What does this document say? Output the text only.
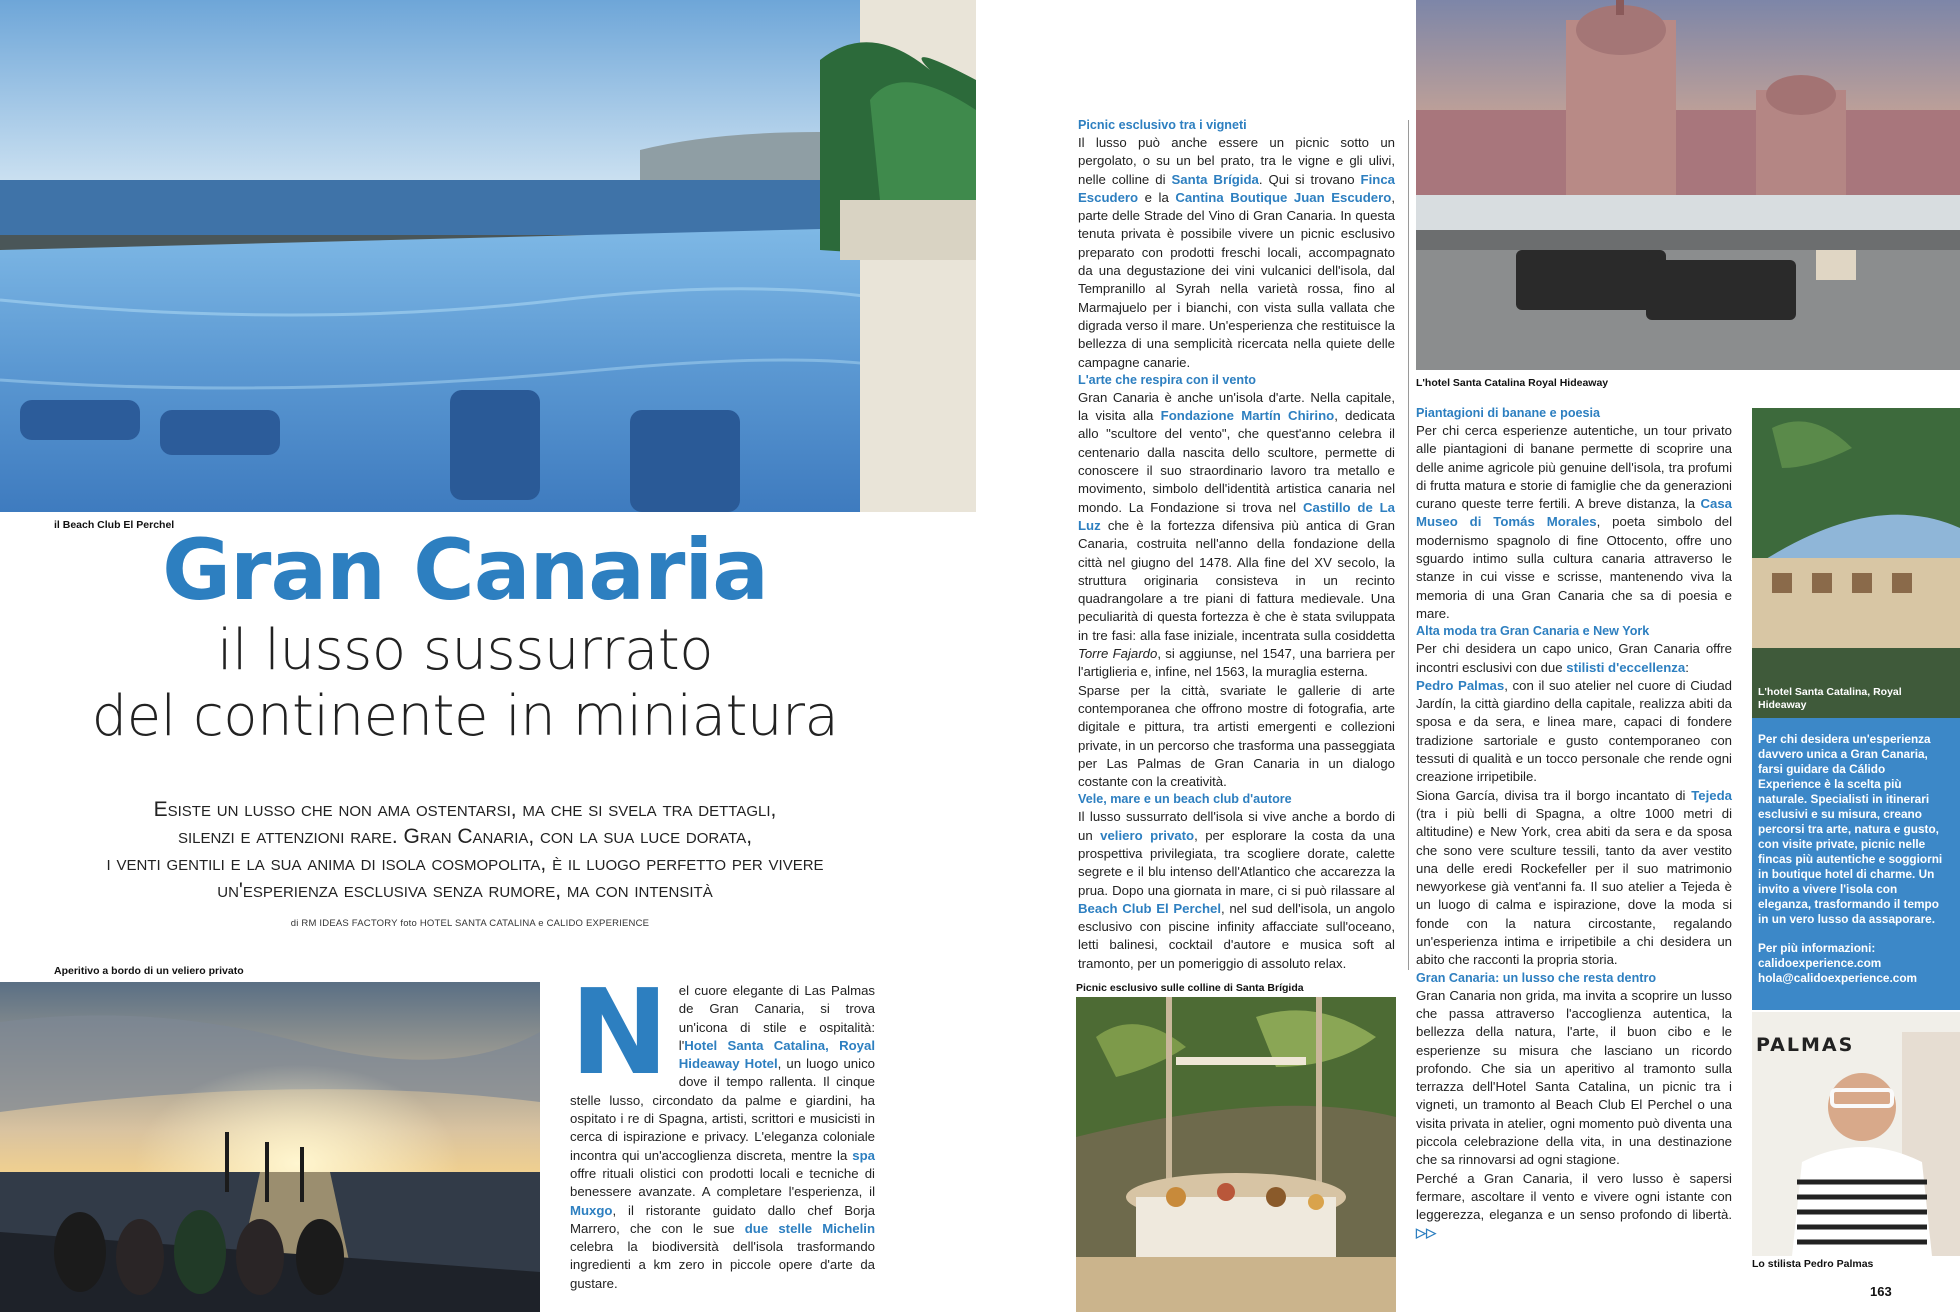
il Beach Club El Perchel
Gran Canaria
il lusso sussurrato
del continente in miniatura
Esiste un lusso che non ama ostentarsi, ma che si svela tra dettagli,
silenzi e attenzioni rare. Gran Canaria, con la sua luce dorata,
i venti gentili e la sua anima di isola cosmopolita, è il luogo perfetto per vivere
un'esperienza esclusiva senza rumore, ma con intensità
di RM IDEAS FACTORY foto HOTEL SANTA CATALINA e CALIDO EXPERIENCE
Aperitivo a bordo di un veliero privato	N el cuore elegante di Las Palmas de Gran Canaria, si trova un'icona di stile e ospitalità: l'Hotel Santa Catalina, Royal Hideaway Hotel, un luogo unico dove il tempo rallenta. Il cinque stelle lusso, circondato da palme e giardini, ha ospitato i re di Spagna, artisti, scrittori e musicisti in cerca di ispirazione e privacy. L'eleganza coloniale incontra qui un'accoglienza discreta, mentre la spa offre rituali olistici con prodotti locali e tecniche di benessere avanzate. A completare l'esperienza, il Muxgo, il ristorante guidato dallo chef Borja Marrero, che con le sue due stelle Michelin celebra la biodiversità dell'isola trasformando ingredienti a km zero in piccole opere d'arte da gustare.

Picnic esclusivo tra i vigneti

Il lusso può anche essere un picnic sotto un pergolato, o su un bel prato, tra le vigne e gli ulivi, nelle colline di Santa Brígida. Qui si trovano Finca Escudero e la Cantina Boutique Juan Escudero, parte delle Strade del Vino di Gran Canaria. In questa tenuta privata è possibile vivere un picnic esclusivo preparato con prodotti freschi locali, accompagnato da una degustazione dei vini vulcanici dell'isola, dal Tempranillo al Syrah nella varietà rossa, fino al Marmajuelo per i bianchi, con vista sulla vallata che digrada verso il mare. Un'esperienza che restituisce la bellezza di una semplicità ricercata nella quiete delle campagne canarie.

L'arte che respira con il vento

Gran Canaria è anche un'isola d'arte. Nella capitale, la visita alla Fondazione Martín Chirino, dedicata allo "scultore del vento", che quest'anno celebra il centenario dalla nascita dello scultore, permette di conoscere il suo straordinario lavoro tra metallo e movimento, simbolo dell'identità artistica canaria nel mondo. La Fondazione si trova nel Castillo de La Luz che è la fortezza difensiva più antica di Gran Canaria, costruita nell'anno della fondazione della città nel giugno del 1478. Alla fine del XV secolo, la struttura originaria consisteva in un recinto quadrangolare a tre piani di fattura medievale. Una peculiarità di questa fortezza è che è stata sviluppata in tre fasi: alla fase iniziale, incentrata sulla cosiddetta Torre Fajardo, si aggiunse, nel 1547, una barriera per l'artiglieria e, infine, nel 1563, la muraglia esterna.

Sparse per la città, svariate le gallerie di arte contemporanea che offrono mostre di fotografia, arte digitale e pittura, tra artisti emergenti e collezioni private, in un percorso che trasforma una passeggiata per Las Palmas de Gran Canaria in un dialogo costante con la creatività.

Vele, mare e un beach club d'autore

Il lusso sussurrato dell'isola si vive anche a bordo di un veliero privato, per esplorare la costa da una prospettiva privilegiata, tra scogliere dorate, calette segrete e il blu intenso dell'Atlantico che accarezza la prua. Dopo una giornata in mare, ci si può rilassare al Beach Club El Perchel, nel sud dell'isola, un angolo esclusivo con piscine infinity affacciate sull'oceano, letti balinesi, cocktail d'autore e musica soft al tramonto, per un pomeriggio di assoluto relax.

Picnic esclusivo sulle colline di Santa Brígida
L'hotel Santa Catalina Royal Hideaway
Piantagioni di banane e poesia

Per chi cerca esperienze autentiche, un tour privato alle piantagioni di banane permette di scoprire una delle anime agricole più genuine dell'isola, tra profumi di frutta matura e storie di famiglie che da generazioni curano queste terre fertili. A breve distanza, la Casa Museo di Tomás Morales, poeta simbolo del modernismo spagnolo di fine Ottocento, offre uno sguardo intimo sulla cultura canaria attraverso le stanze in cui visse e scrisse, mantenendo viva la memoria di una Gran Canaria che sa di poesia e mare.

Alta moda tra Gran Canaria e New York

Per chi desidera un capo unico, Gran Canaria offre incontri esclusivi con due stilisti d'eccellenza:

Pedro Palmas, con il suo atelier nel cuore di Ciudad Jardín, la città giardino della capitale, realizza abiti da sposa e da sera, e linea mare, capaci di fondere tradizione sartoriale e gusto contemporaneo con tessuti di qualità e un tocco personale che rende ogni creazione irripetibile.

Siona García, divisa tra il borgo incantato di Tejeda (tra i più belli di Spagna, a oltre 1000 metri di altitudine) e New York, crea abiti da sera e da sposa che sono vere sculture tessili, tanto da aver vestito una delle eredi Rockefeller per il suo matrimonio newyorkese già vent'anni fa. Il suo atelier a Tejeda è un luogo di calma e ispirazione, dove la moda si fonde con la natura circostante, regalando un'esperienza intima e irripetibile a chi desidera un abito che racconti la propria storia.

Gran Canaria: un lusso che resta dentro

Gran Canaria non grida, ma invita a scoprire un lusso che passa attraverso l'accoglienza autentica, la bellezza della natura, l'arte, il buon cibo e le esperienze su misura che lasciano un ricordo profondo. Che sia un aperitivo al tramonto sulla terrazza dell'Hotel Santa Catalina, un picnic tra i vigneti, un tramonto al Beach Club El Perchel o una visita privata in atelier, ogni momento può diventa una piccola celebrazione della vita, in una destinazione che sa rinnovarsi ad ogni stagione.

Perché a Gran Canaria, il vero lusso è sapersi fermare, ascoltare il vento e vivere ogni istante con leggerezza, eleganza e un senso profondo di libertà. ▷▷

L'hotel Santa Catalina, Royal Hideaway
Per chi desidera un'esperienza davvero unica a Gran Canaria, farsi guidare da Cálido Experience è la scelta più naturale. Specialisti in itinerari esclusivi e su misura, creano percorsi tra arte, natura e gusto, con visite private, picnic nelle fincas più autentiche e soggiorni in boutique hotel di charme. Un invito a vivere l'isola con eleganza, trasformando il tempo in un vero lusso da assaporare.
Per più informazioni:
calidoexperience.com
hola@calidoexperience.com
PALMAS
Lo stilista Pedro Palmas
163
